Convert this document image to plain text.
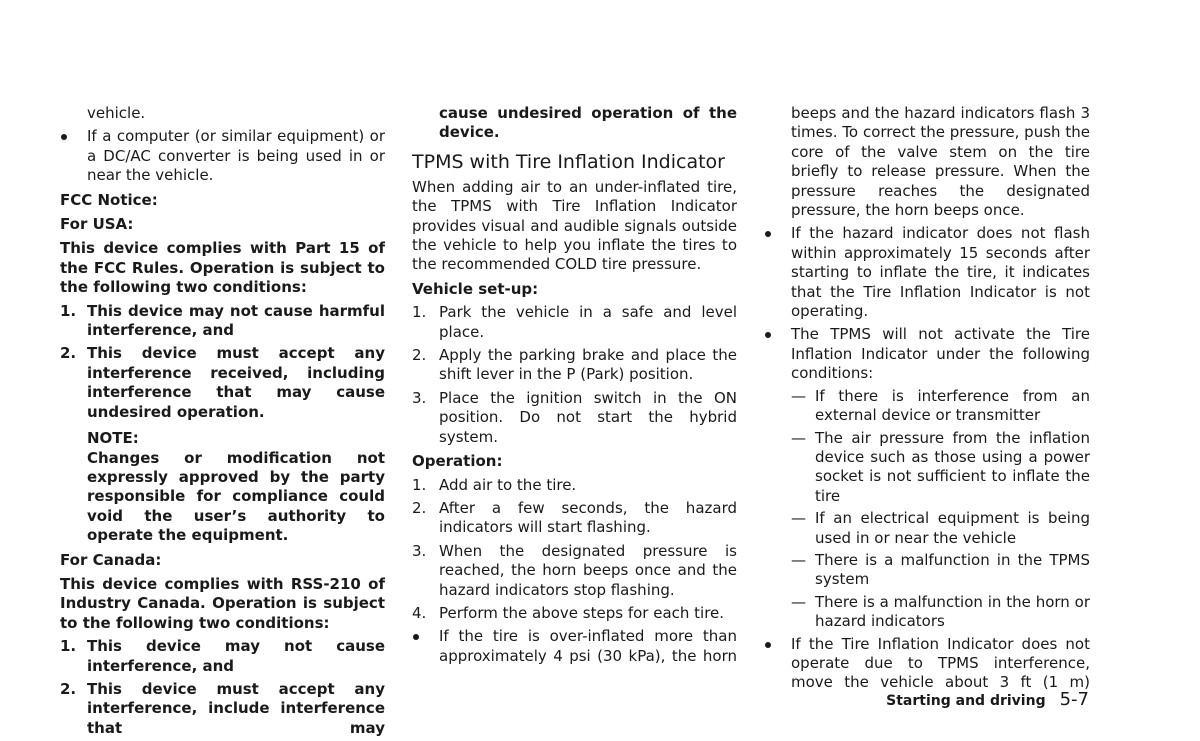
vehicle.

If a computer (or similar equipment) or a DC/AC converter is being used in or near the vehicle.

FCC Notice:

For USA:

This device complies with Part 15 of the FCC Rules. Operation is subject to the following two conditions:

1. This device may not cause harmful interference, and

2. This device must accept any interference received, including interference that may cause undesired operation.

NOTE:

Changes or modification not expressly approved by the party responsible for compliance could void the user’s authority to operate the equipment.

For Canada:

This device complies with RSS-210 of Industry Canada. Operation is subject to the following two conditions:

1. This device may not cause interference, and

2. This device must accept any interference, include interference that may

cause undesired operation of the device.

TPMS with Tire Inflation Indicator

When adding air to an under-inflated tire, the TPMS with Tire Inflation Indicator provides visual and audible signals outside the vehicle to help you inflate the tires to the recommended COLD tire pressure.

Vehicle set-up:

1. Park the vehicle in a safe and level place.

2. Apply the parking brake and place the shift lever in the P (Park) position.

3. Place the ignition switch in the ON position. Do not start the hybrid system.

Operation:

1. Add air to the tire.

2. After a few seconds, the hazard indicators will start flashing.

3. When the designated pressure is reached, the horn beeps once and the hazard indicators stop flashing.

4. Perform the above steps for each tire.

If the tire is over-inflated more than approximately 4 psi (30 kPa), the horn

beeps and the hazard indicators flash 3 times. To correct the pressure, push the core of the valve stem on the tire briefly to release pressure. When the pressure reaches the designated pressure, the horn beeps once.

If the hazard indicator does not flash within approximately 15 seconds after starting to inflate the tire, it indicates that the Tire Inflation Indicator is not operating.

The TPMS will not activate the Tire Inflation Indicator under the following conditions:

— If there is interference from an external device or transmitter

— The air pressure from the inflation device such as those using a power socket is not sufficient to inflate the tire

— If an electrical equipment is being used in or near the vehicle

— There is a malfunction in the TPMS system

— There is a malfunction in the horn or hazard indicators

If the Tire Inflation Indicator does not operate due to TPMS interference, move the vehicle about 3 ft (1 m)

Starting and driving 5-7
